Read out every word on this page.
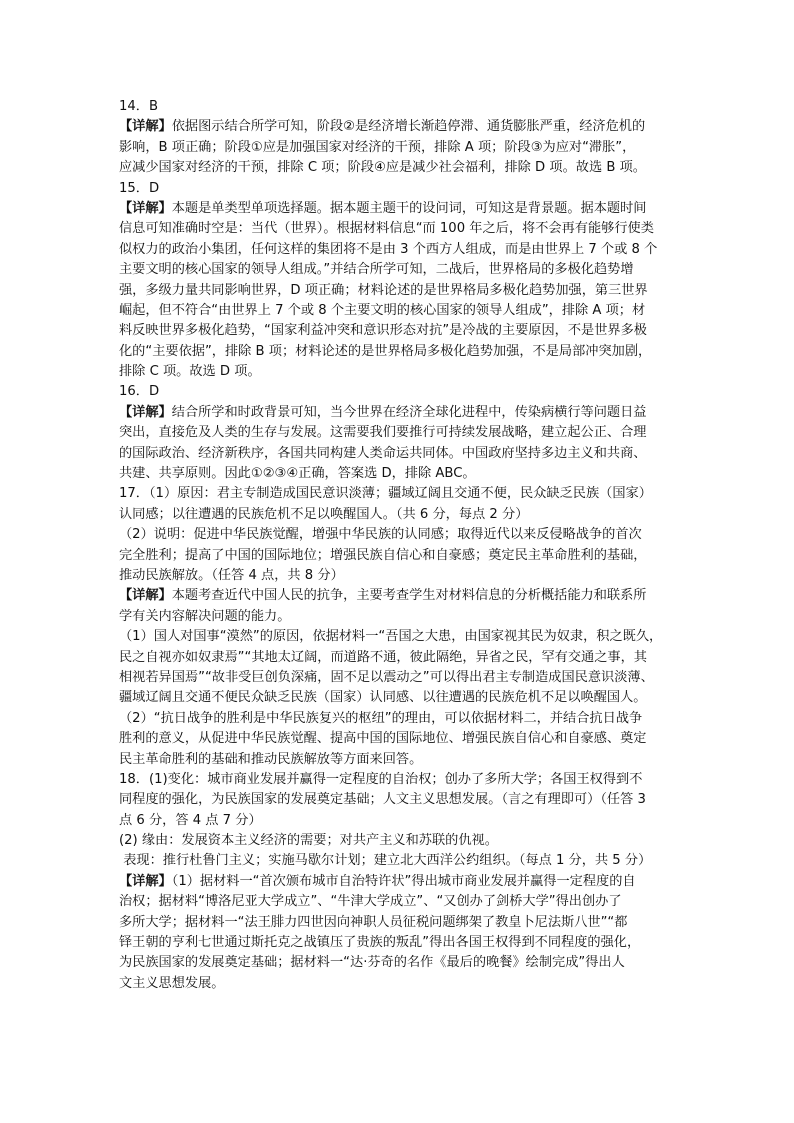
14．B
【详解】依据图示结合所学可知，阶段②是经济增长渐趋停滞、通货膨胀严重，经济危机的
影响，B 项正确；阶段①应是加强国家对经济的干预，排除 A 项；阶段③为应对“滞胀”，
应减少国家对经济的干预，排除 C 项；阶段④应是减少社会福利，排除 D 项。故选 B 项。
15．D
【详解】本题是单类型单项选择题。据本题主题干的设问词，可知这是背景题。据本题时间
信息可知准确时空是：当代（世界）。根据材料信息“而 100 年之后，将不会再有能够行使类
似权力的政治小集团，任何这样的集团将不是由 3 个西方人组成，而是由世界上 7 个或 8 个
主要文明的核心国家的领导人组成。”并结合所学可知，二战后，世界格局的多极化趋势增
强，多级力量共同影响世界，D 项正确；材料论述的是世界格局多极化趋势加强，第三世界
崛起，但不符合“由世界上 7 个或 8 个主要文明的核心国家的领导人组成”，排除 A 项；材
料反映世界多极化趋势，“国家利益冲突和意识形态对抗”是冷战的主要原因，不是世界多极
化的“主要依据”，排除 B 项；材料论述的是世界格局多极化趋势加强，不是局部冲突加剧，
排除 C 项。故选 D 项。
16．D
【详解】结合所学和时政背景可知，当今世界在经济全球化进程中，传染病横行等问题日益
突出，直接危及人类的生存与发展。这需要我们要推行可持续发展战略，建立起公正、合理
的国际政治、经济新秩序，各国共同构建人类命运共同体。中国政府坚持多边主义和共商、
共建、共享原则。因此①②③④正确，答案选 D，排除 ABC。
17．（1）原因：君主专制造成国民意识淡薄；疆域辽阔且交通不便，民众缺乏民族（国家）
认同感；以往遭遇的民族危机不足以唤醒国人。（共 6 分，每点 2 分）
（2）说明：促进中华民族觉醒，增强中华民族的认同感；取得近代以来反侵略战争的首次
完全胜利；提高了中国的国际地位；增强民族自信心和自豪感；奠定民主革命胜利的基础，
推动民族解放。（任答 4 点，共 8 分）
【详解】本题考查近代中国人民的抗争，主要考查学生对材料信息的分析概括能力和联系所
学有关内容解决问题的能力。
（1）国人对国事“漠然”的原因，依据材料一“吾国之大患，由国家视其民为奴隶，积之既久，
民之自视亦如奴隶焉”“其地太辽阔，而道路不通，彼此隔绝，异省之民，罕有交通之事，其
相视若异国焉”“故非受巨创负深痛，固不足以震动之”可以得出君主专制造成国民意识淡薄、
疆域辽阔且交通不便民众缺乏民族（国家）认同感、以往遭遇的民族危机不足以唤醒国人。
（2）“抗日战争的胜利是中华民族复兴的枢纽”的理由，可以依据材料二，并结合抗日战争
胜利的意义，从促进中华民族觉醒、提高中国的国际地位、增强民族自信心和自豪感、奠定
民主革命胜利的基础和推动民族解放等方面来回答。
18．(1)变化：城市商业发展并赢得一定程度的自治权；创办了多所大学；各国王权得到不
同程度的强化，为民族国家的发展奠定基础；人文主义思想发展。（言之有理即可）（任答 3
点 6 分，答 4 点 7 分）
(2) 缘由：发展资本主义经济的需要；对共产主义和苏联的仇视。
表现：推行杜鲁门主义；实施马歇尔计划；建立北大西洋公约组织。（每点 1 分，共 5 分）
【详解】（1）据材料一“首次颁布城市自治特许状”得出城市商业发展并赢得一定程度的自
治权；据材料“博洛尼亚大学成立”、“牛津大学成立”、“又创办了剑桥大学”得出创办了
多所大学；据材料一“法王腓力四世因向神职人员征税问题绑架了教皇卜尼法斯八世”“都
铎王朝的亨利七世通过斯托克之战镇压了贵族的叛乱”得出各国王权得到不同程度的强化，
为民族国家的发展奠定基础；据材料一“达·芬奇的名作《最后的晚餐》绘制完成”得出人
文主义思想发展。
